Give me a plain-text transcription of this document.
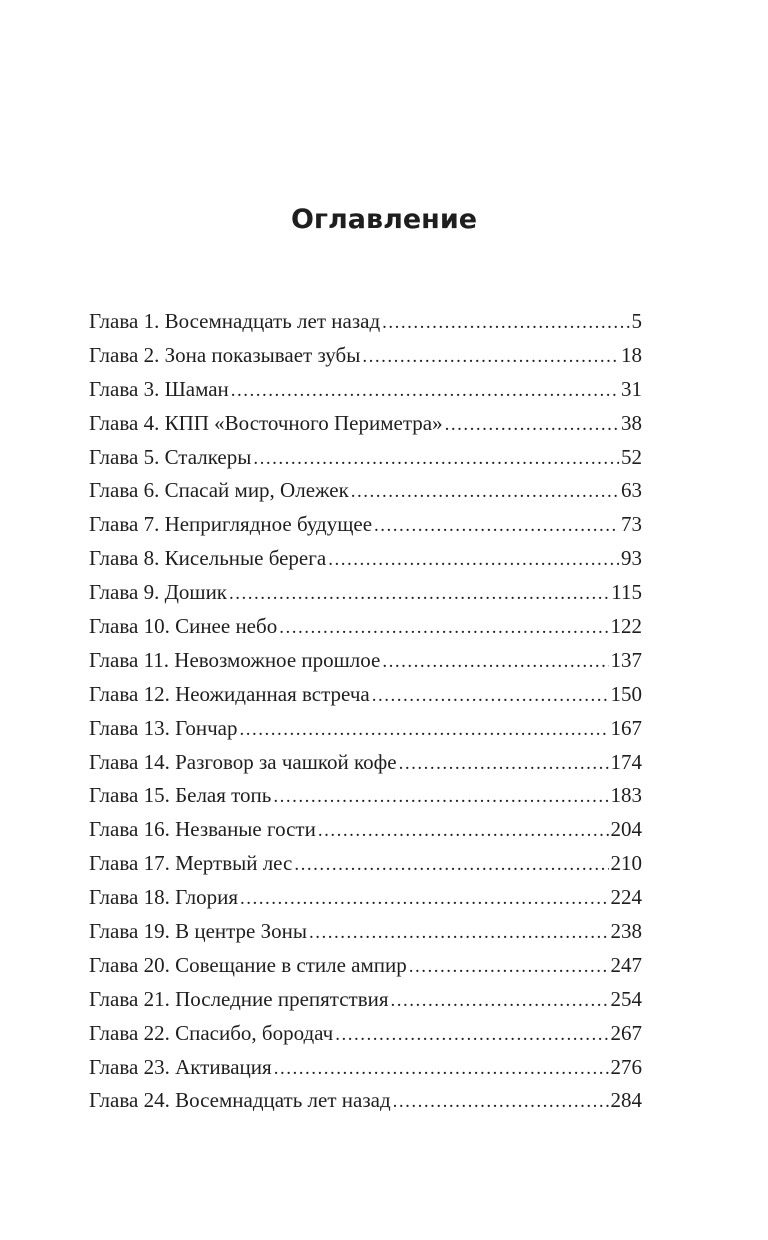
Оглавление
Глава 1. Восемнадцать лет назад .....	5
Глава 2. Зона показывает зубы .....	18
Глава 3. Шаман .....	31
Глава 4. КПП «Восточного Периметра» .....	38
Глава 5. Сталкеры .....	52
Глава 6. Спасай мир, Олежек .....	63
Глава 7. Неприглядное будущее .....	73
Глава 8. Кисельные берега .....	93
Глава 9. Дошик .....	115
Глава 10. Синее небо .....	122
Глава 11. Невозможное прошлое .....	137
Глава 12. Неожиданная встреча .....	150
Глава 13. Гончар .....	167
Глава 14. Разговор за чашкой кофе .....	174
Глава 15. Белая топь .....	183
Глава 16. Незваные гости .....	204
Глава 17. Мертвый лес .....	210
Глава 18. Глория .....	224
Глава 19. В центре Зоны .....	238
Глава 20. Совещание в стиле ампир .....	247
Глава 21. Последние препятствия .....	254
Глава 22. Спасибо, бородач .....	267
Глава 23. Активация .....	276
Глава 24. Восемнадцать лет назад .....	284
